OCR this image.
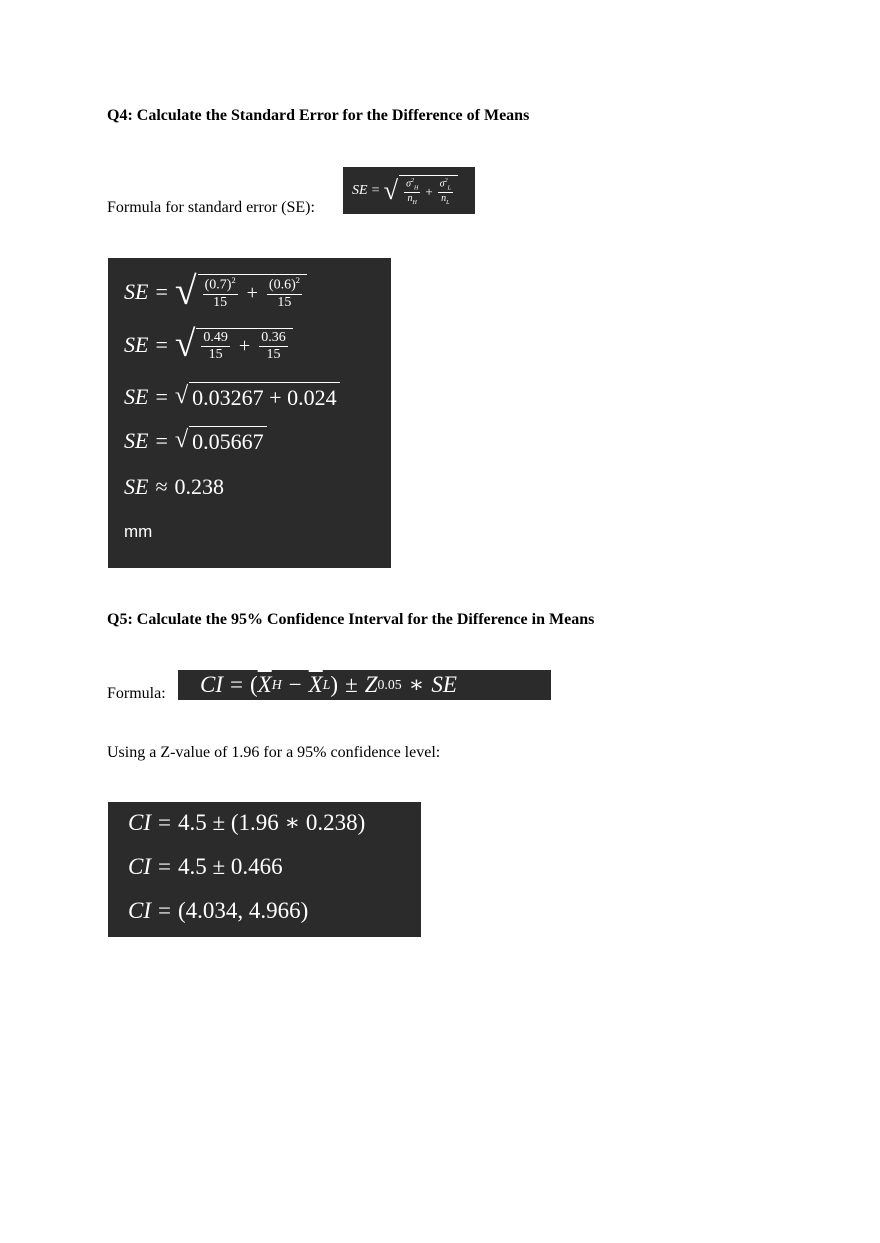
Q4: Calculate the Standard Error for the Difference of Means
Formula for standard error (SE):
SE = √ $\frac{\sigma^2_H}{n_H} + \frac{\sigma^2_L}{n_L}$
SE = √ $\frac{(0.7)^2}{15} + \frac{(0.6)^2}{15}$
SE = √ $\frac{0.49}{15} + \frac{0.36}{15}$
SE = √ 0.03267 + 0.024
SE = √ 0.05667
SE ≈ 0.238
mm
Q5: Calculate the 95% Confidence Interval for the Difference in Means
Formula: CI = ( $\overline{X}$ $H - \overline{X}$ L ) ± Z 0.05 ∗ SE
Using a Z-value of 1.96 for a 95% confidence level:
CI = 4.5 ± (1.96 ∗ 0.238)
CI = 4.5 ± 0.466
CI = (4.034, 4.966)
